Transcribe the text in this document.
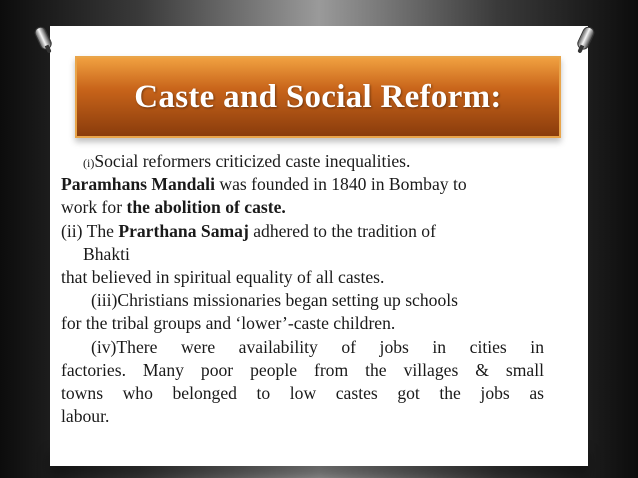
Caste and Social Reform:
(i)Social reformers criticized caste inequalities.
Paramhans Mandali was founded in 1840 in Bombay to
work for the abolition of caste.
(ii) The Prarthana Samaj adhered to the tradition of
Bhakti
that believed in spiritual equality of all castes.
(iii)Christians missionaries began setting up schools
for the tribal groups and ‘lower’-caste children.
(iv)There were availability of jobs in cities in
factories. Many poor people from the villages & small
towns who belonged to low castes got the jobs as
labour.
